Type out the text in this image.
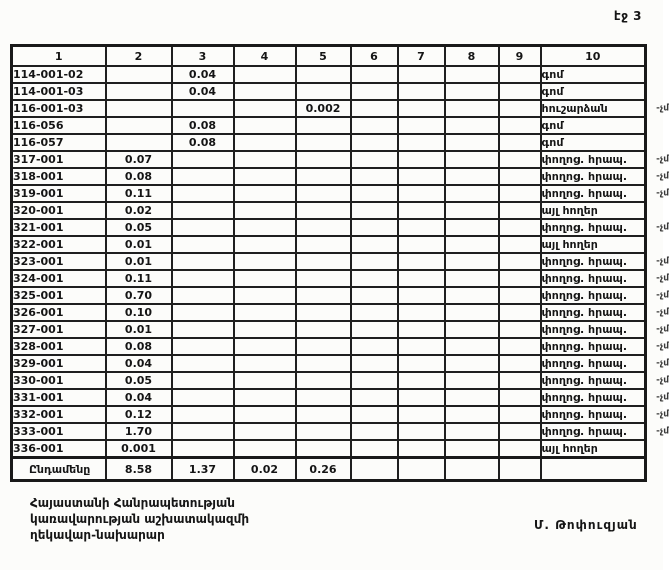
էջ 3
1	2	3	4	5	6	7	8	9	10
114-001-02		0.04							գոմ
114-001-03		0.04							գոմ
116-001-03				0.002					հուշարձան -չմ

116-056		0.08							գոմ
116-057		0.08							գոմ
317-001	0.07								փողոց. հրապ. -չմ

318-001	0.08								փողոց. հրապ. -չմ

319-001	0.11								փողոց. հրապ. -չմ

320-001	0.02								այլ հողեր
321-001	0.05								փողոց. հրապ. -չմ

322-001	0.01								այլ հողեր
323-001	0.01								փողոց. հրապ. -չմ

324-001	0.11								փողոց. հրապ. -չմ

325-001	0.70								փողոց. հրապ. -չմ

326-001	0.10								փողոց. հրապ. -չմ

327-001	0.01								փողոց. հրապ. -չմ

328-001	0.08								փողոց. հրապ. -չմ

329-001	0.04								փողոց. հրապ. -չմ

330-001	0.05								փողոց. հրապ. -չմ

331-001	0.04								փողոց. հրապ. -չմ

332-001	0.12								փողոց. հրապ. -չմ

333-001	1.70								փողոց. հրապ. -չմ

336-001	0.001								այլ հողեր
Ընդամենը	8.58	1.37	0.02	0.26					
Հայաստանի Հանրապետության
կառավարության աշխատակազմի
ղեկավար-նախարար
Մ. Թոփուզյան
